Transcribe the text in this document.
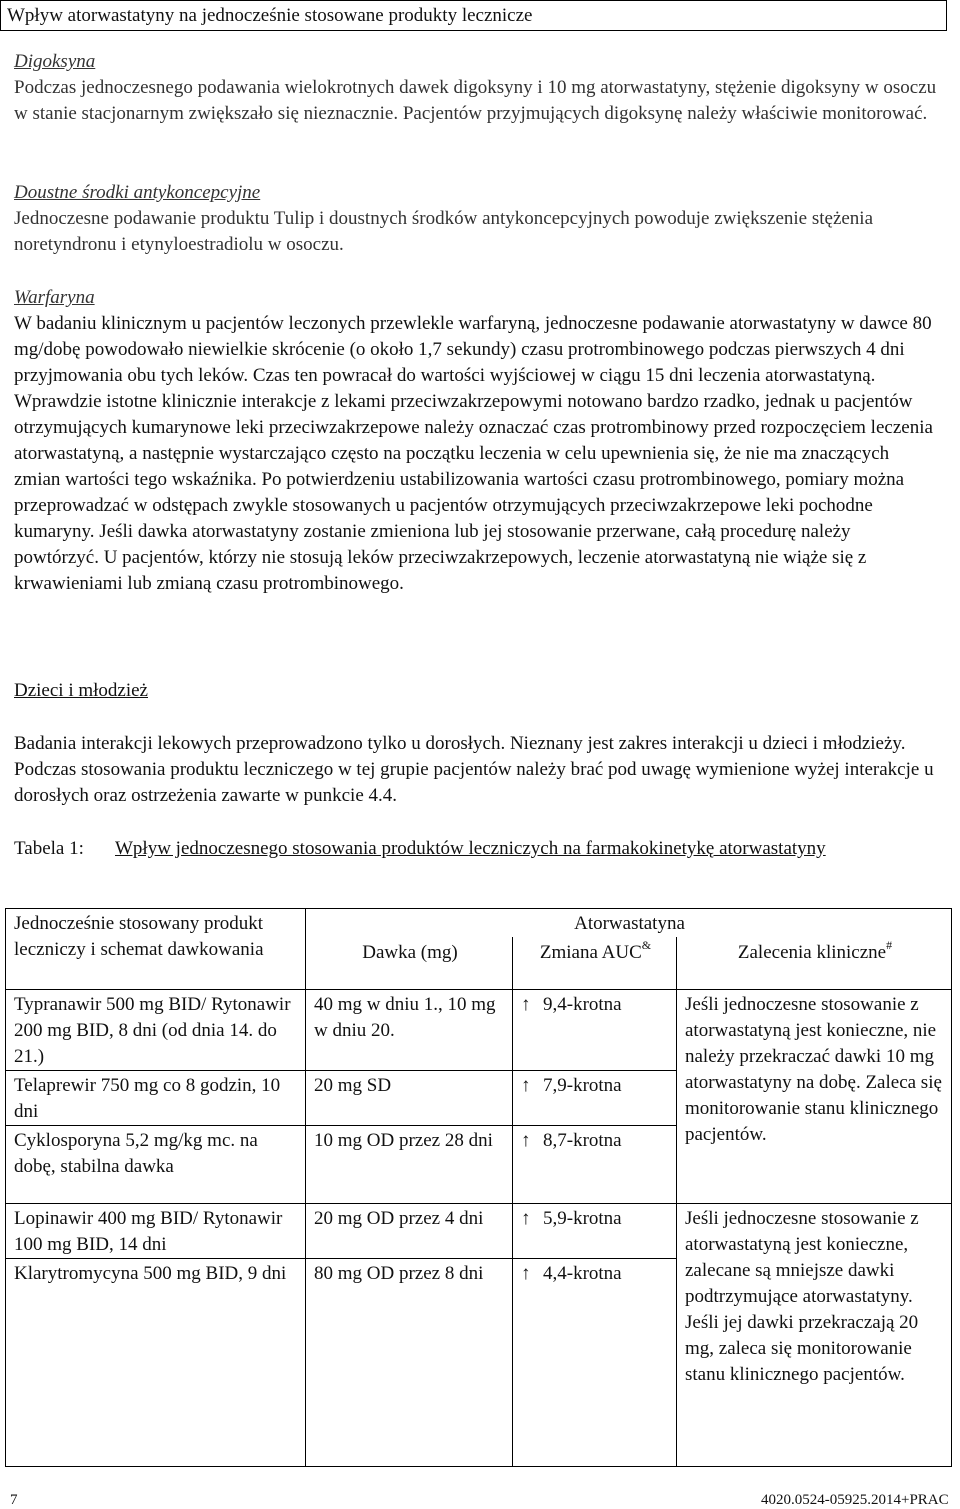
Wpływ atorwastatyny na jednocześnie stosowane produkty lecznicze

Digoksyna

Podczas jednoczesnego podawania wielokrotnych dawek digoksyny i 10 mg atorwastatyny, stężenie digoksyny w osoczu w stanie stacjonarnym zwiększało się nieznacznie. Pacjentów przyjmujących digoksynę należy właściwie monitorować.

Doustne środki antykoncepcyjne

Jednoczesne podawanie produktu Tulip i doustnych środków antykoncepcyjnych powoduje zwiększenie stężenia noretyndronu i etynyloestradiolu w osoczu.

Warfaryna

W badaniu klinicznym u pacjentów leczonych przewlekle warfaryną, jednoczesne podawanie atorwastatyny w dawce 80 mg/dobę powodowało niewielkie skrócenie (o około 1,7 sekundy) czasu protrombinowego podczas pierwszych 4 dni przyjmowania obu tych leków. Czas ten powracał do wartości wyjściowej w ciągu 15 dni leczenia atorwastatyną. Wprawdzie istotne klinicznie interakcje z lekami przeciwzakrzepowymi notowano bardzo rzadko, jednak u pacjentów otrzymujących kumarynowe leki przeciwzakrzepowe należy oznaczać czas protrombinowy przed rozpoczęciem leczenia atorwastatyną, a następnie wystarczająco często na początku leczenia w celu upewnienia się, że nie ma znaczących zmian wartości tego wskaźnika. Po potwierdzeniu ustabilizowania wartości czasu protrombinowego, pomiary można przeprowadzać w odstępach zwykle stosowanych u pacjentów otrzymujących przeciwzakrzepowe leki pochodne kumaryny. Jeśli dawka atorwastatyny zostanie zmieniona lub jej stosowanie przerwane, całą procedurę należy powtórzyć. U pacjentów, którzy nie stosują leków przeciwzakrzepowych, leczenie atorwastatyną nie wiąże się z krwawieniami lub zmianą czasu protrombinowego.

Dzieci i młodzież

Badania interakcji lekowych przeprowadzono tylko u dorosłych. Nieznany jest zakres interakcji u dzieci i młodzieży. Podczas stosowania produktu leczniczego w tej grupie pacjentów należy brać pod uwagę wymienione wyżej interakcje u dorosłych oraz ostrzeżenia zawarte w punkcie 4.4.

Tabela 1: Wpływ jednoczesnego stosowania produktów leczniczych na farmakokinetykę atorwastatyny
Jednocześnie stosowany produkt leczniczy i schemat dawkowania	Atorwastatyna		
	Dawka (mg)	Zmiana AUC&	Zalecenia kliniczne#
Typranawir 500 mg BID/ Rytonawir 200 mg BID, 8 dni (od dnia 14. do 21.)	40 mg w dniu 1., 10 mg w dniu 20.	↑ 9,4-krotna	Jeśli jednoczesne stosowanie z atorwastatyną jest konieczne, nie należy przekraczać dawki 10 mg atorwastatyny na dobę. Zaleca się monitorowanie stanu klinicznego pacjentów.
Telaprewir 750 mg co 8 godzin, 10 dni	20 mg SD	↑ 7,9-krotna	
Cyklosporyna 5,2 mg/kg mc. na dobę, stabilna dawka	10 mg OD przez 28 dni	↑ 8,7-krotna	
Lopinawir 400 mg BID/ Rytonawir 100 mg BID, 14 dni	20 mg OD przez 4 dni	↑ 5,9-krotna	Jeśli jednoczesne stosowanie z atorwastatyną jest konieczne, zalecane są mniejsze dawki podtrzymujące atorwastatyny. Jeśli jej dawki przekraczają 20 mg, zaleca się monitorowanie stanu klinicznego pacjentów.
Klarytromycyna 500 mg BID, 9 dni	80 mg OD przez 8 dni	↑ 4,4-krotna	
7	4020.0524-05925.2014+PRAC
